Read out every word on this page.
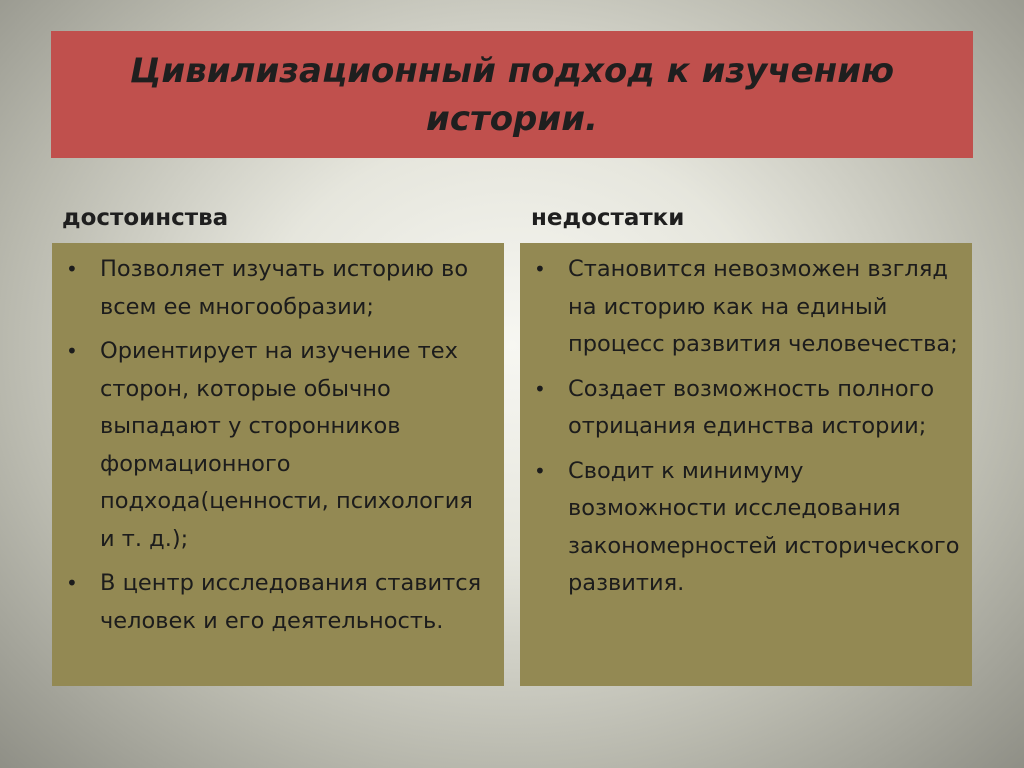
Цивилизационный подход к изучению истории.
достоинства	недостатки
• Позволяет изучать историю во всем ее многообразии;
• Ориентирует на изучение тех сторон, которые обычно выпадают у сторонников формационного подхода(ценности, психология и т. д.);
• В центр исследования ставится человек и его деятельность.
• Становится невозможен взгляд на историю как на единый процесс развития человечества;
• Создает возможность полного отрицания единства истории;
• Сводит к минимуму возможности исследования закономерностей исторического развития.
